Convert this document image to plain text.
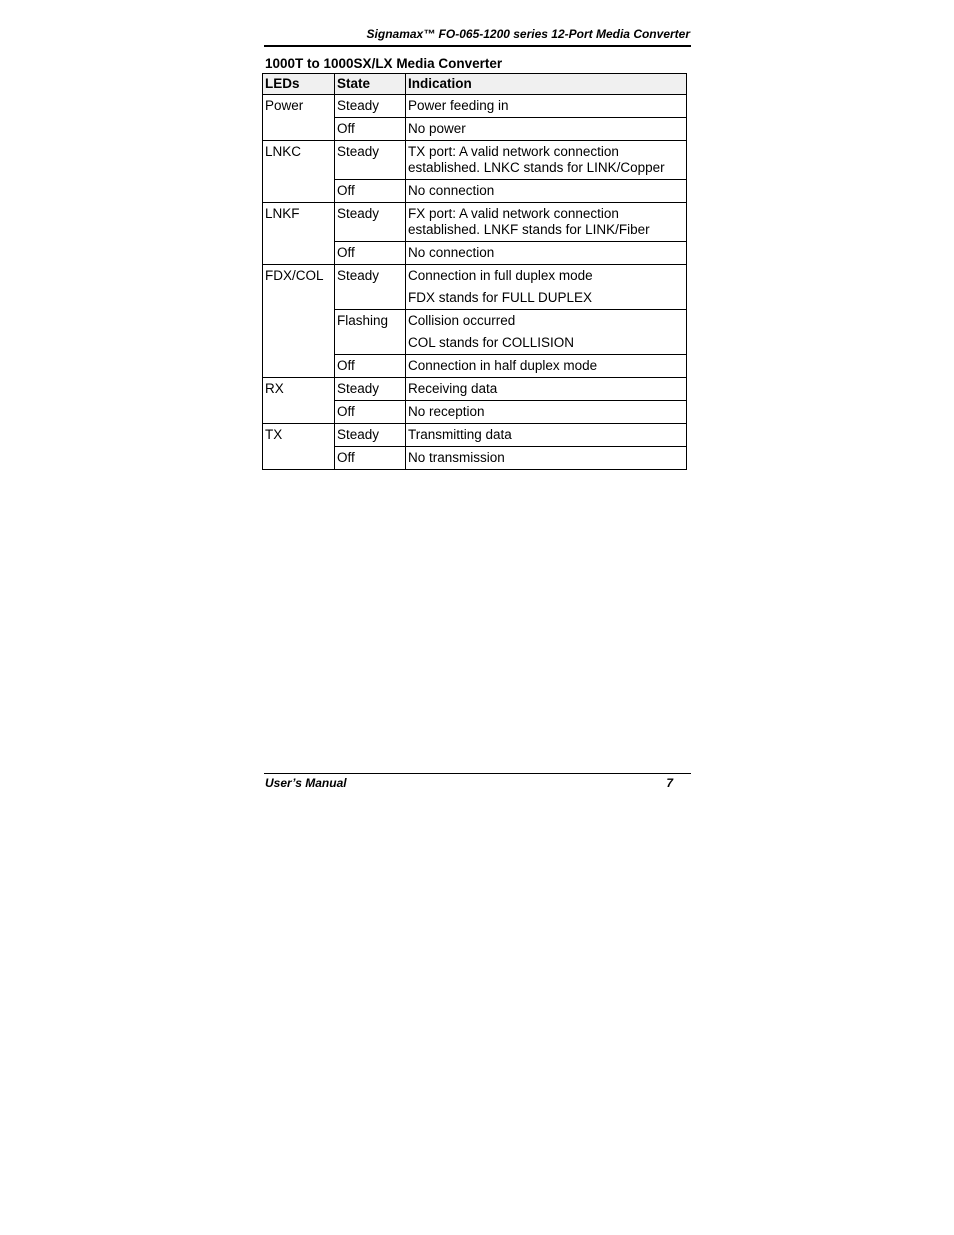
Signamax™ FO-065-1200 series 12-Port Media Converter
1000T to 1000SX/LX Media Converter
LEDs	State	Indication
Power	Steady	Power feeding in
	Off	No power
LNKC	Steady	TX port: A valid network connection
established. LNKC stands for LINK/Copper

	Off	No connection
LNKF	Steady	FX port: A valid network connection
established. LNKF stands for LINK/Fiber

	Off	No connection
FDX/COL	Steady	Connection in full duplex mode
FDX stands for FULL DUPLEX

	Flashing	Collision occurred
COL stands for COLLISION

	Off	Connection in half duplex mode
RX	Steady	Receiving data
	Off	No reception
TX	Steady	Transmitting data
	Off	No transmission
User’s Manual	7
